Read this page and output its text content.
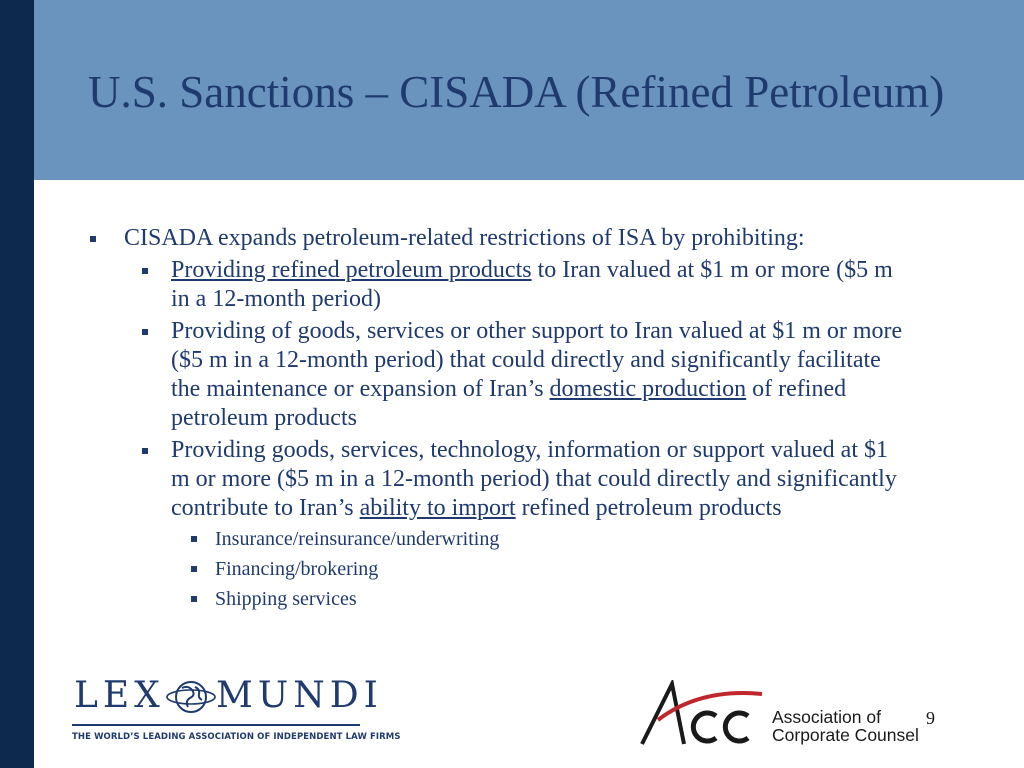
U.S. Sanctions – CISADA (Refined Petroleum)
CISADA expands petroleum-related restrictions of ISA by prohibiting:
Providing refined petroleum products to Iran valued at $1 m or more ($5 m in a 12-month period)
Providing of goods, services or other support to Iran valued at $1 m or more ($5 m in a 12-month period) that could directly and significantly facilitate the maintenance or expansion of Iran’s domestic production of refined petroleum products
Providing goods, services, technology, information or support valued at $1 m or more ($5 m in a 12-month period) that could directly and significantly contribute to Iran’s ability to import refined petroleum products
Insurance/reinsurance/underwriting
Financing/brokering
Shipping services
LEX MUNDI
THE WORLD’S LEADING ASSOCIATION OF INDEPENDENT LAW FIRMS
Association of
Corporate Counsel
9
